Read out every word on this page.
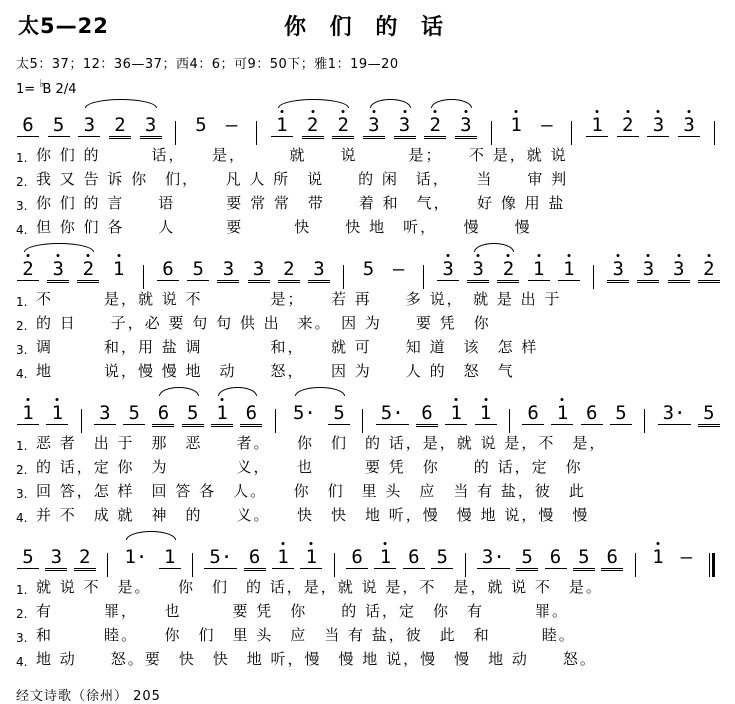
太5—22	你 们 的 话
太5：37；12：36—37；西4：6；可9：50下；雅1：19—20
1= ♭B 2/4
6 5 3 2 3 5 – 1 2 2 3 3 2 3 1 – 1 2 3 3
1. 你 们 的　　　话，　　是，　　　就　　说　　　是；　　不 是，就 说
2. 我 又 告 诉 你　们，　　凡 人 所　说　　的 闲　话，　　当　　审 判
3. 你 们 的 言　　语　　　要 常 常　带　　着 和　气，　　好 像 用 盐
4. 但 你 们 各　　人　　　要　　　快　　快 地　听，　　慢　　慢
2 3 2 1 6 5 3 3 2 3 5 – 3 3 2 1 1 3 3 3 2
1. 不　　　是，就 说 不　　　　是；　　若 再　　多 说，　就 是 出 于
2. 的 日　　子，必 要 句 句 供 出　来。　因 为　　要 凭　你
3. 调　　　和，用 盐 调　　　　和，　　就 可　　知 道　该　怎 样
4. 地　　　说，慢 慢 地　动　　怒，　　因 为　　人 的　怒　气
1 1 3 5 6 5 1 6 5· 5 5· 6 1 1 6 1 6 5 3· 5
1. 恶 者　出 于　那　恶　　者。　　你　们　的 话，是，就 说 是，不　是，
2. 的 话，定 你　为　　　　义，　　也　　　要 凭　你　　的 话，定　你
3. 回 答，怎 样　回 答 各　人。　　你　们　里 头　应　当 有 盐，彼　此
4. 并 不　成 就　神　的　　义。　　快　快　地 听，慢　慢 地 说，慢　慢
5 3 2 1· 1 5· 6 1 1 6 1 6 5 3· 5 6 5 6 1 –
1. 就 说 不　是。　　你　们　的 话，是，就 说 是，不　是，就 说 不　是。
2. 有　　　罪，　　也　　　要 凭　你　　的 话，定　你　有　　　罪。
3. 和　　　睦。　　你　们　里 头　应　当 有 盐，彼　此　和　　　睦。
4. 地 动　　怒。要　快　快　地 听，慢　慢 地 说，慢　慢　地 动　　怒。
经文诗歌（徐州） 205
